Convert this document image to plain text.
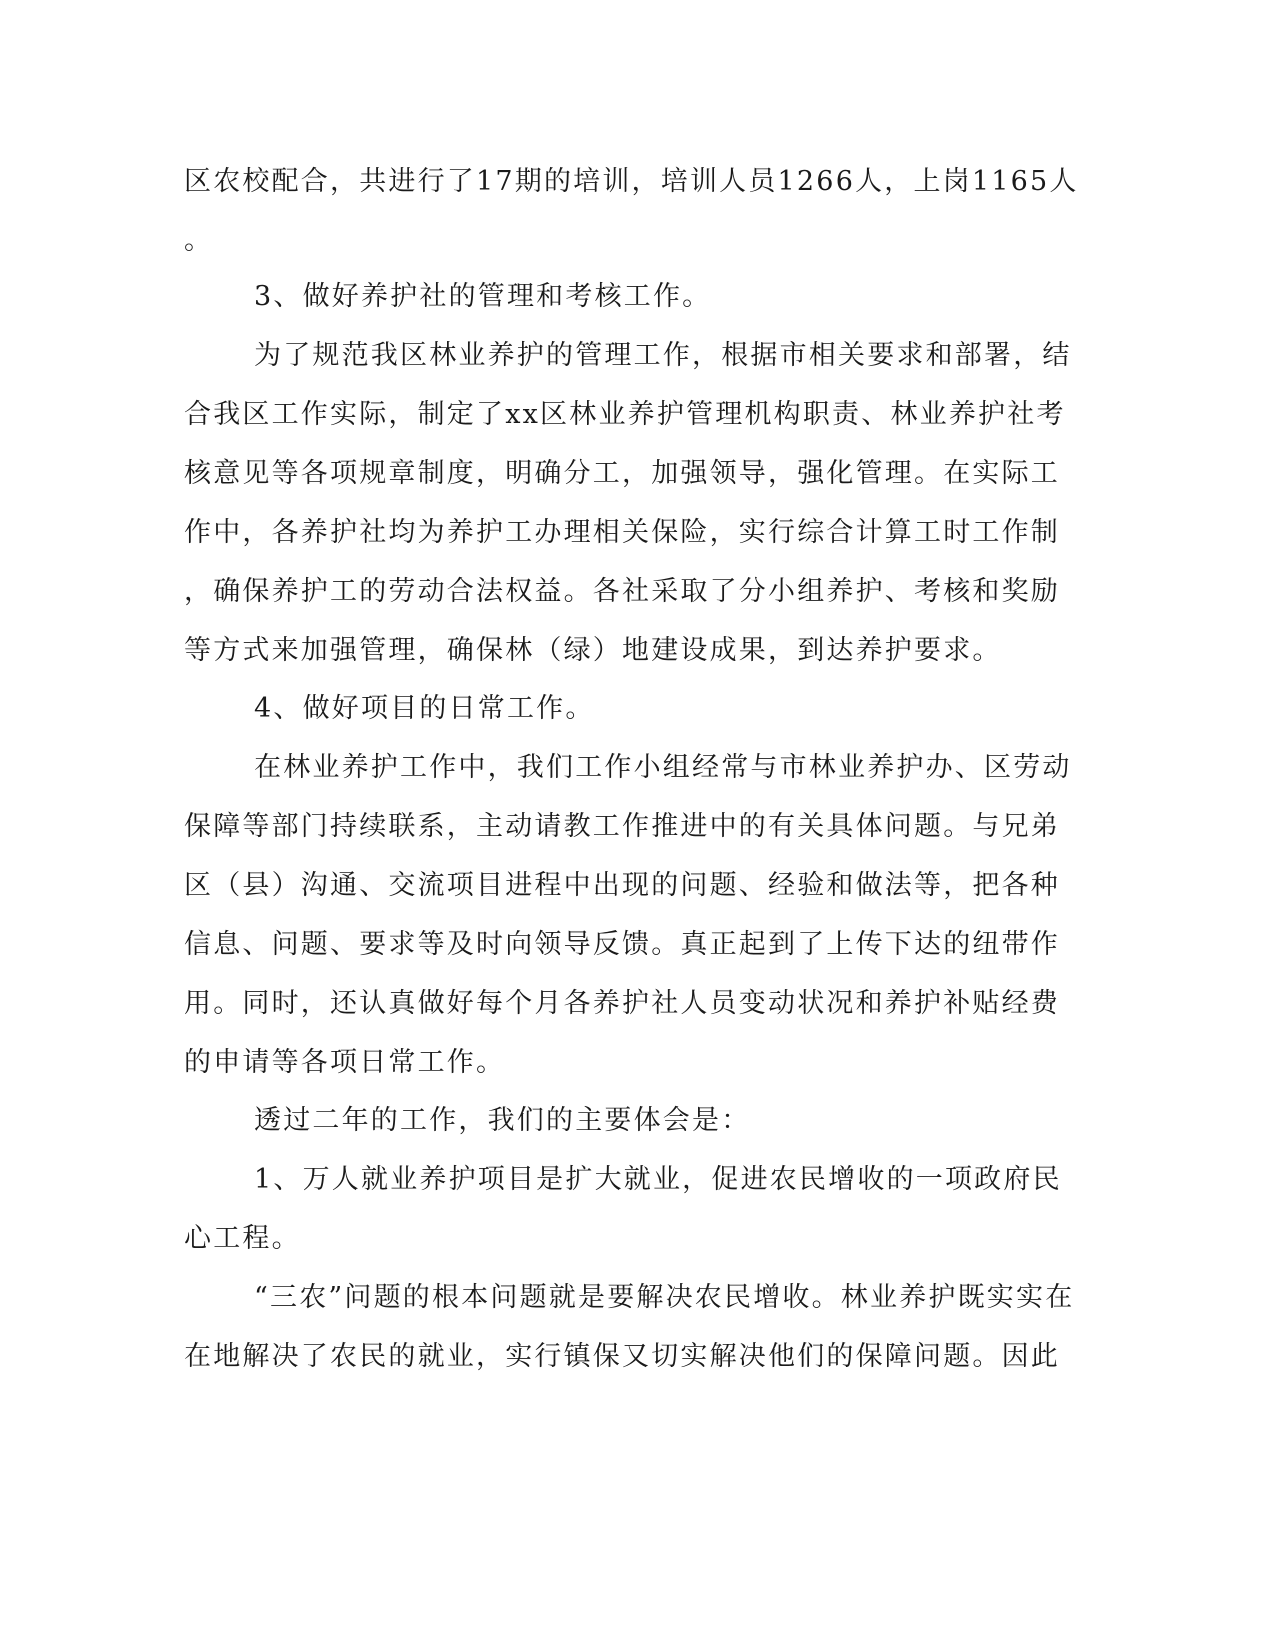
区农校配合，共进行了17期的培训，培训人员1266人，上岗1165人
。
3、做好养护社的管理和考核工作。
为了规范我区林业养护的管理工作，根据市相关要求和部署，结
合我区工作实际，制定了xx区林业养护管理机构职责、林业养护社考
核意见等各项规章制度，明确分工，加强领导，强化管理。在实际工
作中，各养护社均为养护工办理相关保险，实行综合计算工时工作制
，确保养护工的劳动合法权益。各社采取了分小组养护、考核和奖励
等方式来加强管理，确保林（绿）地建设成果，到达养护要求。
4、做好项目的日常工作。
在林业养护工作中，我们工作小组经常与市林业养护办、区劳动
保障等部门持续联系，主动请教工作推进中的有关具体问题。与兄弟
区（县）沟通、交流项目进程中出现的问题、经验和做法等，把各种
信息、问题、要求等及时向领导反馈。真正起到了上传下达的纽带作
用。同时，还认真做好每个月各养护社人员变动状况和养护补贴经费
的申请等各项日常工作。
透过二年的工作，我们的主要体会是：
1、万人就业养护项目是扩大就业，促进农民增收的一项政府民
心工程。
“三农”问题的根本问题就是要解决农民增收。林业养护既实实在
在地解决了农民的就业，实行镇保又切实解决他们的保障问题。因此
